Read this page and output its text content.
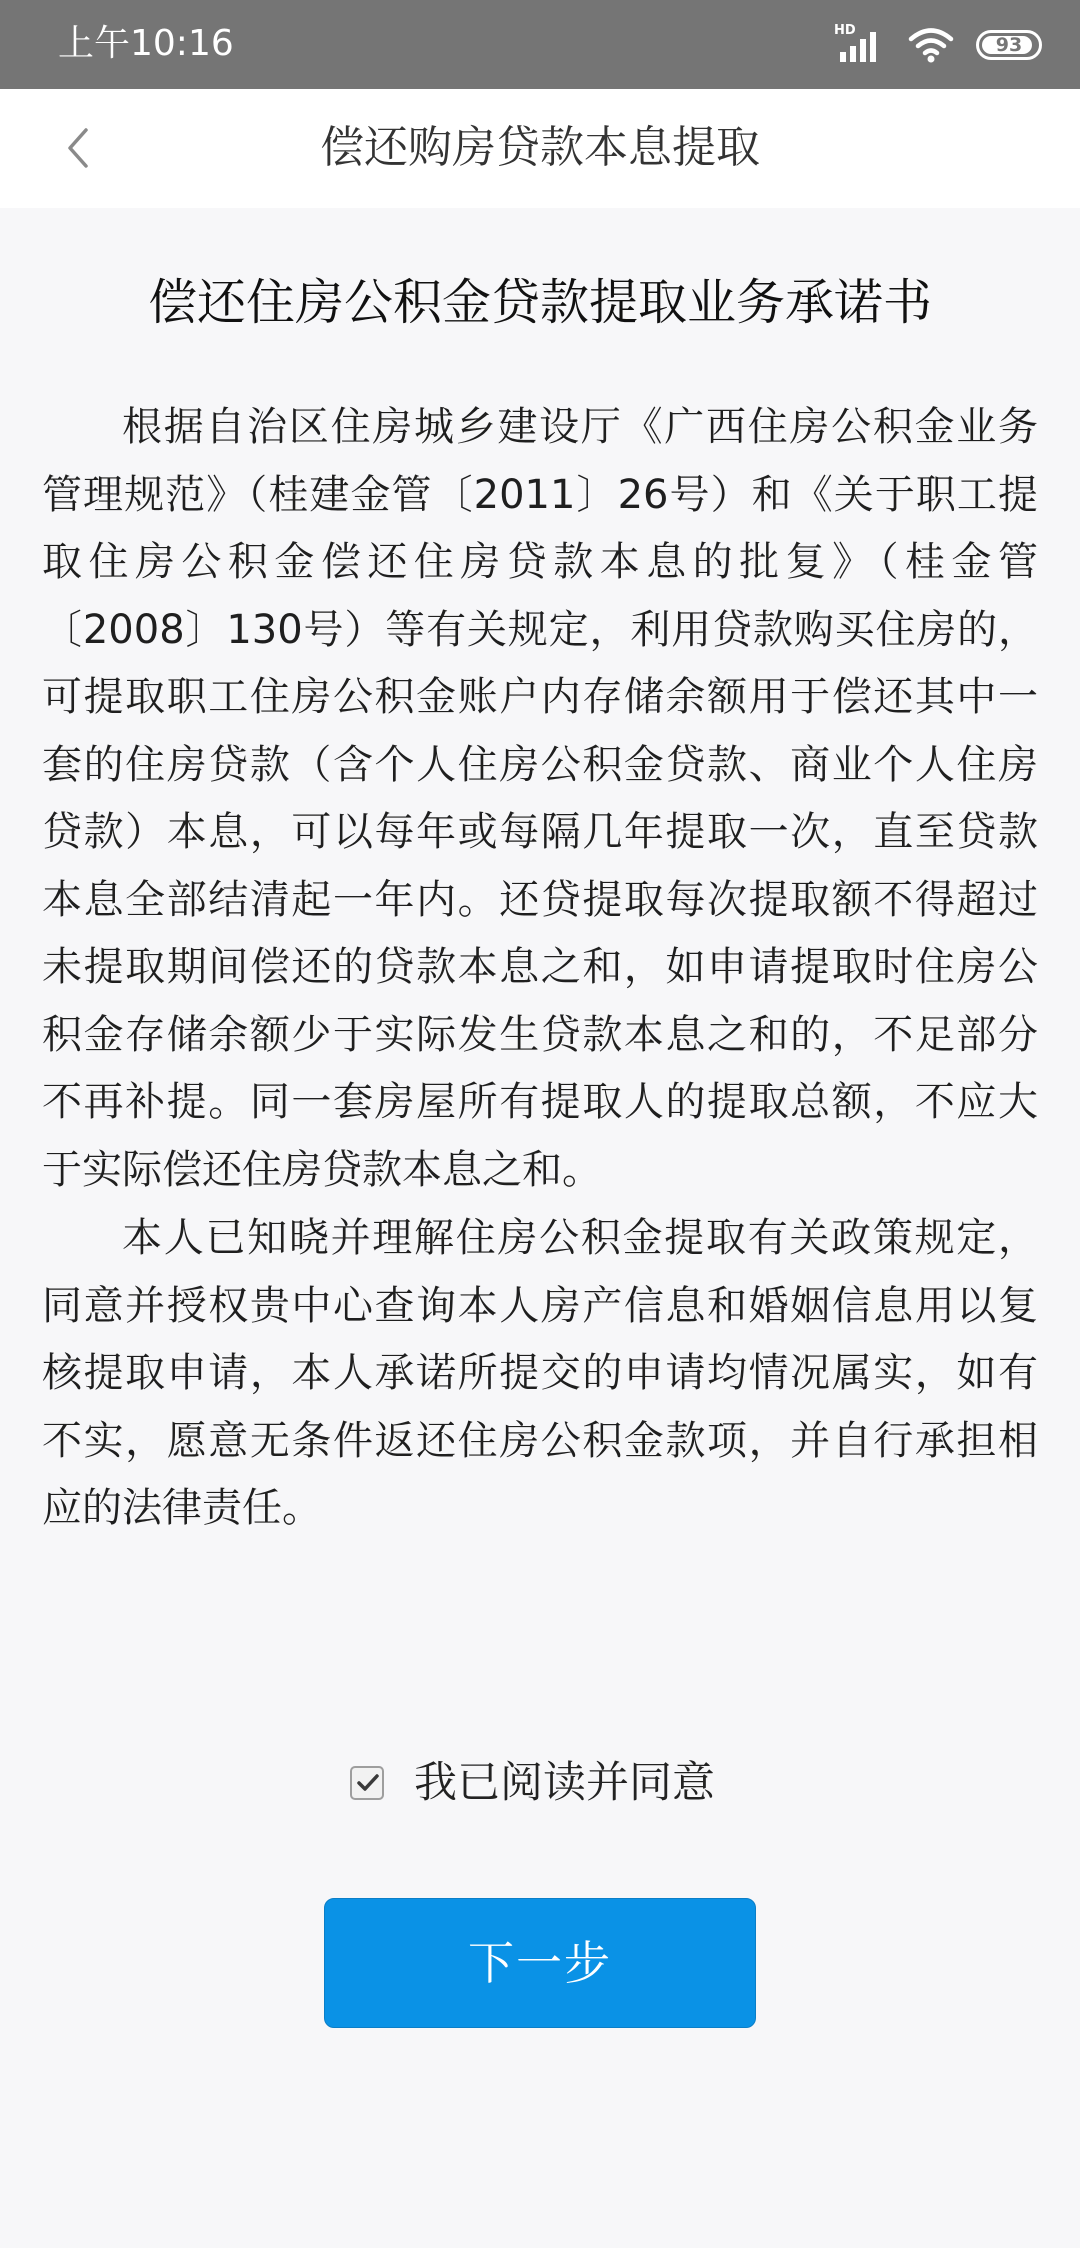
上午10:16	HD
93
偿还购房贷款本息提取
偿还住房公积金贷款提取业务承诺书

根据自治区住房城乡建设厅《广西住房公积金业务管理规范》（桂建金管〔2011〕26号）和《关于职工提取住房公积金偿还住房贷款本息的批复》（桂金管〔2008〕130号）等有关规定，利用贷款购买住房的，可提取职工住房公积金账户内存储余额用于偿还其中一套的住房贷款（含个人住房公积金贷款、商业个人住房贷款）本息，可以每年或每隔几年提取一次，直至贷款本息全部结清起一年内。还贷提取每次提取额不得超过未提取期间偿还的贷款本息之和，如申请提取时住房公积金存储余额少于实际发生贷款本息之和的，不足部分不再补提。同一套房屋所有提取人的提取总额，不应大于实际偿还住房贷款本息之和。

本人已知晓并理解住房公积金提取有关政策规定，同意并授权贵中心查询本人房产信息和婚姻信息用以复核提取申请，本人承诺所提交的申请均情况属实，如有不实，愿意无条件返还住房公积金款项，并自行承担相应的法律责任。

我已阅读并同意
下一步
